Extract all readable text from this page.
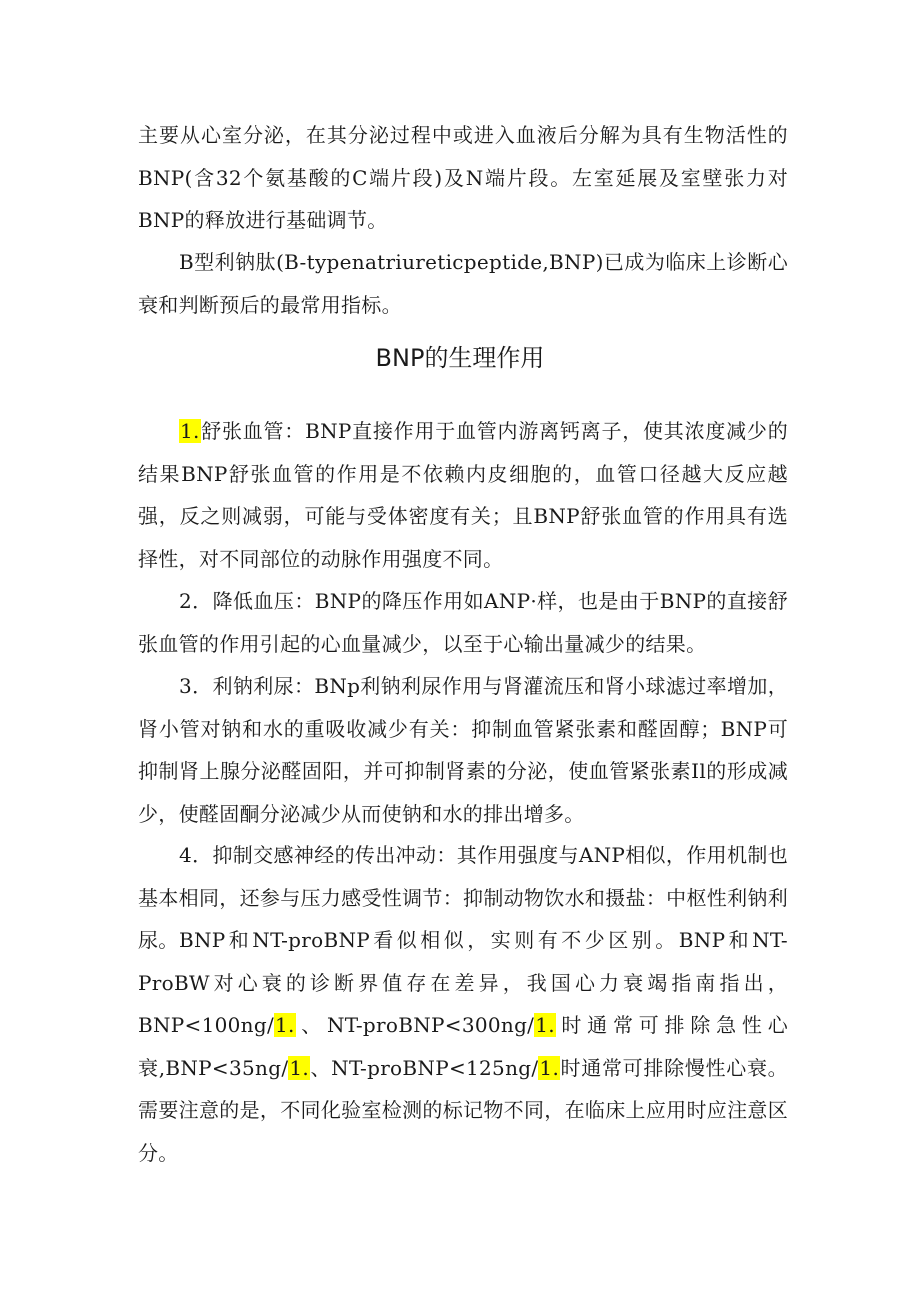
主要从心室分泌，在其分泌过程中或进入血液后分解为具有生物活性的BNP(含32个氨基酸的C端片段)及N端片段。左室延展及室壁张力对BNP的释放进行基础调节。

B型利钠肽(B-typenatriureticpeptide,BNP)已成为临床上诊断心衰和判断预后的最常用指标。

BNP的生理作用

1.舒张血管：BNP直接作用于血管内游离钙离子，使其浓度减少的结果BNP舒张血管的作用是不依赖内皮细胞的，血管口径越大反应越强，反之则减弱，可能与受体密度有关；且BNP舒张血管的作用具有选择性，对不同部位的动脉作用强度不同。

2．降低血压：BNP的降压作用如ANP·样，也是由于BNP的直接舒张血管的作用引起的心血量减少，以至于心输出量减少的结果。

3．利钠利尿：BNp利钠利尿作用与肾灌流压和肾小球滤过率增加，肾小管对钠和水的重吸收减少有关：抑制血管紧张素和醛固醇；BNP可抑制肾上腺分泌醛固阳，并可抑制肾素的分泌，使血管紧张素Il的形成减少，使醛固酮分泌减少从而使钠和水的排出增多。

4．抑制交感神经的传出冲动：其作用强度与ANP相似，作用机制也基本相同，还参与压力感受性调节：抑制动物饮水和摄盐：中枢性利钠利尿。 BNP和NT-proBNP看似相似，实则有不少区别。BNP和NT-ProBW对心衰的诊断界值存在差异，我国心力衰竭指南指出，BNP<100ng/1.、NT-proBNP<300ng/1.时通常可排除急性心衰,BNP<35ng/1.、NT-proBNP<125ng/1.时通常可排除慢性心衰。需要注意的是，不同化验室检测的标记物不同，在临床上应用时应注意区分。
